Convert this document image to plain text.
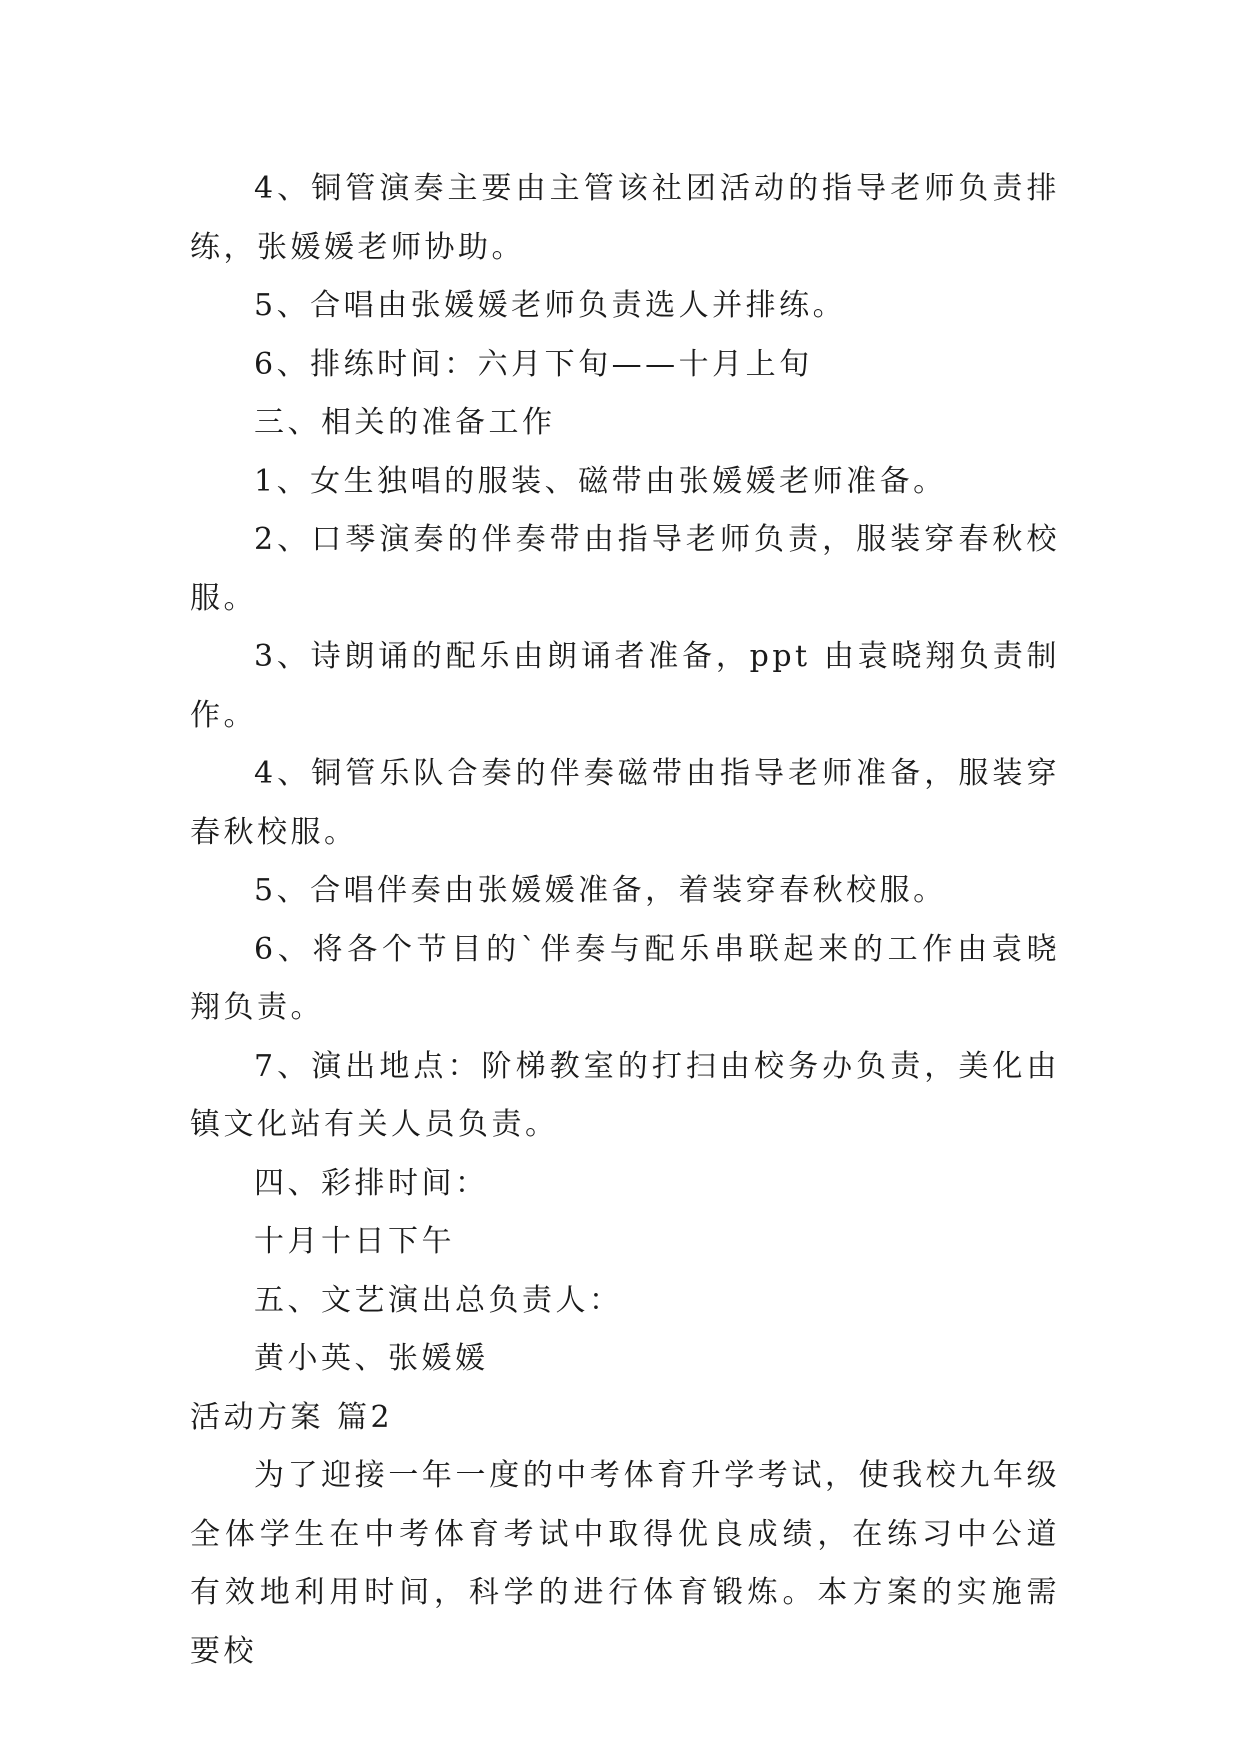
4、铜管演奏主要由主管该社团活动的指导老师负责排练，张媛媛老师协助。

5、合唱由张媛媛老师负责选人并排练。

6、排练时间：六月下旬——十月上旬

三、相关的准备工作

1、女生独唱的服装、磁带由张媛媛老师准备。

2、口琴演奏的伴奏带由指导老师负责，服装穿春秋校服。

3、诗朗诵的配乐由朗诵者准备，ppt 由袁晓翔负责制作。

4、铜管乐队合奏的伴奏磁带由指导老师准备，服装穿春秋校服。

5、合唱伴奏由张媛媛准备，着装穿春秋校服。

6、将各个节目的`伴奏与配乐串联起来的工作由袁晓翔负责。

7、演出地点：阶梯教室的打扫由校务办负责，美化由镇文化站有关人员负责。

四、彩排时间：

十月十日下午

五、文艺演出总负责人：

黄小英、张媛媛

活动方案 篇2

为了迎接一年一度的中考体育升学考试，使我校九年级全体学生在中考体育考试中取得优良成绩，在练习中公道有效地利用时间，科学的进行体育锻炼。本方案的实施需要校
